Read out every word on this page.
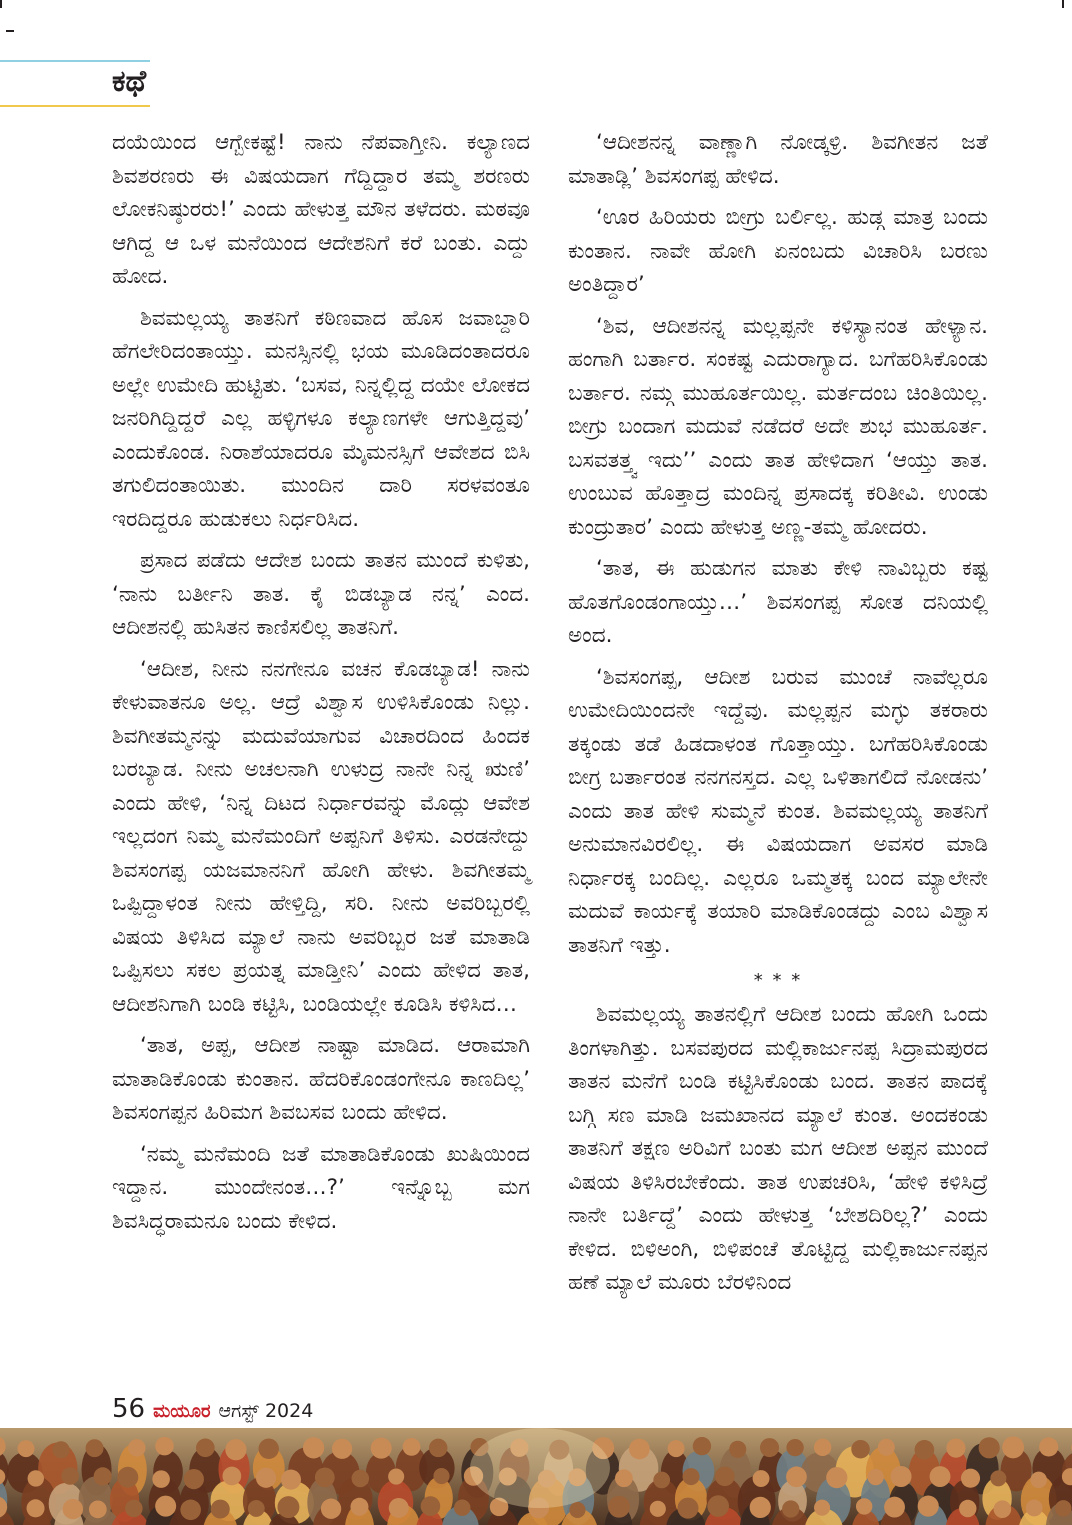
ಕಥೆ

ದಯೆಯಿಂದ ಆಗ್ಬೇಕಷ್ಟೆ! ನಾನು ನೆಪವಾಗ್ತೀನಿ. ಕಲ್ಯಾಣದ ಶಿವಶರಣರು ಈ ವಿಷಯದಾಗ ಗೆದ್ದಿದ್ದಾರ ತಮ್ಮ ಶರಣರು ಲೋಕನಿಷ್ಠುರರು!’ ಎಂದು ಹೇಳುತ್ತ ಮೌನ ತಳೆದರು. ಮಠವೂ ಆಗಿದ್ದ ಆ ಒಳ ಮನೆಯಿಂದ ಆದೇಶನಿಗೆ ಕರೆ ಬಂತು. ಎದ್ದು ಹೋದ.

ಶಿವಮಲ್ಲಯ್ಯ ತಾತನಿಗೆ ಕಠಿಣವಾದ ಹೊಸ ಜವಾಬ್ದಾರಿ ಹೆಗಲೇರಿದಂತಾಯ್ತು. ಮನಸ್ಸಿನಲ್ಲಿ ಭಯ ಮೂಡಿದಂತಾದರೂ ಅಲ್ಲೇ ಉಮೇದಿ ಹುಟ್ಟಿತು. ‘ಬಸವ, ನಿನ್ನಲ್ಲಿದ್ದ ದಯೇ ಲೋಕದ ಜನರಿಗಿದ್ದಿದ್ದರೆ ಎಲ್ಲ ಹಳ್ಳಿಗಳೂ ಕಲ್ಯಾಣಗಳೇ ಆಗುತ್ತಿದ್ದವು’ ಎಂದುಕೊಂಡ. ನಿರಾಶೆಯಾದರೂ ಮೈಮನಸ್ಸಿಗೆ ಆವೇಶದ ಬಿಸಿ ತಗುಲಿದಂತಾಯಿತು. ಮುಂದಿನ ದಾರಿ ಸರಳವಂತೂ ಇರದಿದ್ದರೂ ಹುಡುಕಲು ನಿರ್ಧರಿಸಿದ.

ಪ್ರಸಾದ ಪಡೆದು ಆದೇಶ ಬಂದು ತಾತನ ಮುಂದೆ ಕುಳಿತು, ‘ನಾನು ಬರ್ತೀನಿ ತಾತ. ಕೈ ಬಿಡಬ್ಯಾಡ ನನ್ನ’ ಎಂದ. ಆದೀಶನಲ್ಲಿ ಹುಸಿತನ ಕಾಣಿಸಲಿಲ್ಲ ತಾತನಿಗೆ.

‘ಆದೀಶ, ನೀನು ನನಗೇನೂ ವಚನ ಕೊಡಬ್ಯಾಡ! ನಾನು ಕೇಳುವಾತನೂ ಅಲ್ಲ. ಆದ್ರೆ ವಿಶ್ವಾಸ ಉಳಿಸಿಕೊಂಡು ನಿಲ್ಲು. ಶಿವಗೀತಮ್ಮನನ್ನು ಮದುವೆಯಾಗುವ ವಿಚಾರದಿಂದ ಹಿಂದಕ ಬರಬ್ಯಾಡ. ನೀನು ಅಚಲನಾಗಿ ಉಳುದ್ರ ನಾನೇ ನಿನ್ನ ಋಣಿ’ ಎಂದು ಹೇಳಿ, ‘ನಿನ್ನ ದಿಟದ ನಿರ್ಧಾರವನ್ನು ಮೊದ್ಲು ಆವೇಶ ಇಲ್ಲದಂಗ ನಿಮ್ಮ ಮನೆಮಂದಿಗೆ ಅಪ್ಪನಿಗೆ ತಿಳಿಸು. ಎರಡನೇದ್ದು ಶಿವಸಂಗಪ್ಪ ಯಜಮಾನನಿಗೆ ಹೋಗಿ ಹೇಳು. ಶಿವಗೀತಮ್ಮ ಒಪ್ಪಿದ್ದಾಳಂತ ನೀನು ಹೇಳ್ತಿದ್ದಿ, ಸರಿ. ನೀನು ಅವರಿಬ್ಬರಲ್ಲಿ ವಿಷಯ ತಿಳಿಸಿದ ಮ್ಯಾಲೆ ನಾನು ಅವರಿಬ್ಬರ ಜತೆ ಮಾತಾಡಿ ಒಪ್ಪಿಸಲು ಸಕಲ ಪ್ರಯತ್ನ ಮಾಡ್ತೀನಿ’ ಎಂದು ಹೇಳಿದ ತಾತ, ಆದೀಶನಿಗಾಗಿ ಬಂಡಿ ಕಟ್ಟಿಸಿ, ಬಂಡಿಯಲ್ಲೇ ಕೂಡಿಸಿ ಕಳಿಸಿದ…

‘ತಾತ, ಅಪ್ಪ, ಆದೀಶ ನಾಷ್ಟಾ ಮಾಡಿದ. ಆರಾಮಾಗಿ ಮಾತಾಡಿಕೊಂಡು ಕುಂತಾನ. ಹೆದರಿಕೊಂಡಂಗೇನೂ ಕಾಣದಿಲ್ಲ’ ಶಿವಸಂಗಪ್ಪನ ಹಿರಿಮಗ ಶಿವಬಸವ ಬಂದು ಹೇಳಿದ.

‘ನಮ್ಮ ಮನೆಮಂದಿ ಜತೆ ಮಾತಾಡಿಕೊಂಡು ಖುಷಿಯಿಂದ ಇದ್ದಾನ. ಮುಂದೇನಂತ…?’ ಇನ್ನೊಬ್ಬ ಮಗ ಶಿವಸಿದ್ಧರಾಮನೂ ಬಂದು ಕೇಳಿದ.

‘ಆದೀಶನನ್ನ ವಾಣ್ಣಾಗಿ ನೋಡ್ಕಳ್ರಿ. ಶಿವಗೀತನ ಜತೆ ಮಾತಾಡ್ಲಿ’ ಶಿವಸಂಗಪ್ಪ ಹೇಳಿದ.

‘ಊರ ಹಿರಿಯರು ಬೀಗ್ರು ಬರ್ಲಿಲ್ಲ. ಹುಡ್ಗ ಮಾತ್ರ ಬಂದು ಕುಂತಾನ. ನಾವೇ ಹೋಗಿ ಏನಂಬದು ವಿಚಾರಿಸಿ ಬರಣು ಅಂತಿದ್ದಾರ’

‘ಶಿವ, ಆದೀಶನನ್ನ ಮಲ್ಲಪ್ಪನೇ ಕಳಿಸ್ಯಾನಂತ ಹೇಳ್ಯಾನ. ಹಂಗಾಗಿ ಬರ್ತಾರ. ಸಂಕಷ್ಟ ಎದುರಾಗ್ಯಾದ. ಬಗೆಹರಿಸಿಕೊಂಡು ಬರ್ತಾರ. ನಮ್ಗ ಮುಹೂರ್ತಯಿಲ್ಲ. ಮರ್ತದಂಬ ಚಿಂತಿಯಿಲ್ಲ. ಬೀಗ್ರು ಬಂದಾಗ ಮದುವೆ ನಡೆದರೆ ಅದೇ ಶುಭ ಮುಹೂರ್ತ. ಬಸವತತ್ತ್ವ ಇದು’’ ಎಂದು ತಾತ ಹೇಳಿದಾಗ ‘ಆಯ್ತು ತಾತ. ಉಂಬುವ ಹೊತ್ತಾದ್ರ ಮಂದಿನ್ನ ಪ್ರಸಾದಕ್ಕ ಕರಿತೀವಿ. ಉಂಡು ಕುಂದ್ರುತಾರ’ ಎಂದು ಹೇಳುತ್ತ ಅಣ್ಣ-ತಮ್ಮ ಹೋದರು.

‘ತಾತ, ಈ ಹುಡುಗನ ಮಾತು ಕೇಳಿ ನಾವಿಬ್ಬರು ಕಷ್ಟ ಹೊತಗೊಂಡಂಗಾಯ್ತು…’ ಶಿವಸಂಗಪ್ಪ ಸೋತ ದನಿಯಲ್ಲಿ ಅಂದ.

‘ಶಿವಸಂಗಪ್ಪ, ಆದೀಶ ಬರುವ ಮುಂಚೆ ನಾವೆಲ್ಲರೂ ಉಮೇದಿಯಿಂದನೇ ಇದ್ದೆವು. ಮಲ್ಲಪ್ಪನ ಮಗ್ಳು ತಕರಾರು ತಕ್ಕಂಡು ತಡೆ ಹಿಡದಾಳಂತ ಗೊತ್ತಾಯ್ತು. ಬಗೆಹರಿಸಿಕೊಂಡು ಬೀಗ್ರ ಬರ್ತಾರಂತ ನನಗನಸ್ತದ. ಎಲ್ಲ ಒಳಿತಾಗಲಿದೆ ನೋಡನು’ ಎಂದು ತಾತ ಹೇಳಿ ಸುಮ್ಮನೆ ಕುಂತ. ಶಿವಮಲ್ಲಯ್ಯ ತಾತನಿಗೆ ಅನುಮಾನವಿರಲಿಲ್ಲ. ಈ ವಿಷಯದಾಗ ಅವಸರ ಮಾಡಿ ನಿರ್ಧಾರಕ್ಕ ಬಂದಿಲ್ಲ. ಎಲ್ಲರೂ ಒಮ್ಮತಕ್ಕ ಬಂದ ಮ್ಯಾಲೇನೇ ಮದುವೆ ಕಾರ್ಯಕ್ಕೆ ತಯಾರಿ ಮಾಡಿಕೊಂಡದ್ದು ಎಂಬ ವಿಶ್ವಾಸ ತಾತನಿಗೆ ಇತ್ತು.

* * *

ಶಿವಮಲ್ಲಯ್ಯ ತಾತನಲ್ಲಿಗೆ ಆದೀಶ ಬಂದು ಹೋಗಿ ಒಂದು ತಿಂಗಳಾಗಿತ್ತು. ಬಸವಪುರದ ಮಲ್ಲಿಕಾರ್ಜುನಪ್ಪ ಸಿದ್ರಾಮಪುರದ ತಾತನ ಮನೆಗೆ ಬಂಡಿ ಕಟ್ಟಿಸಿಕೊಂಡು ಬಂದ. ತಾತನ ಪಾದಕ್ಕೆ ಬಗ್ಗಿ ಸಣ ಮಾಡಿ ಜಮಖಾನದ ಮ್ಯಾಲೆ ಕುಂತ. ಅಂದಕಂಡು ತಾತನಿಗೆ ತಕ್ಷಣ ಅರಿವಿಗೆ ಬಂತು ಮಗ ಆದೀಶ ಅಪ್ಪನ ಮುಂದೆ ವಿಷಯ ತಿಳಿಸಿರಬೇಕೆಂದು. ತಾತ ಉಪಚರಿಸಿ, ‘ಹೇಳಿ ಕಳಿಸಿದ್ರೆ ನಾನೇ ಬರ್ತಿದ್ದೆ’ ಎಂದು ಹೇಳುತ್ತ ‘ಬೇಶದಿರಿಲ್ಲ?’ ಎಂದು ಕೇಳಿದ. ಬಿಳಿಅಂಗಿ, ಬಿಳಿಪಂಚೆ ತೊಟ್ಟಿದ್ದ ಮಲ್ಲಿಕಾರ್ಜುನಪ್ಪನ ಹಣೆ ಮ್ಯಾಲೆ ಮೂರು ಬೆರಳಿನಿಂದ

56 ಮಯೂರ ಆಗಸ್ಟ್ 2024
